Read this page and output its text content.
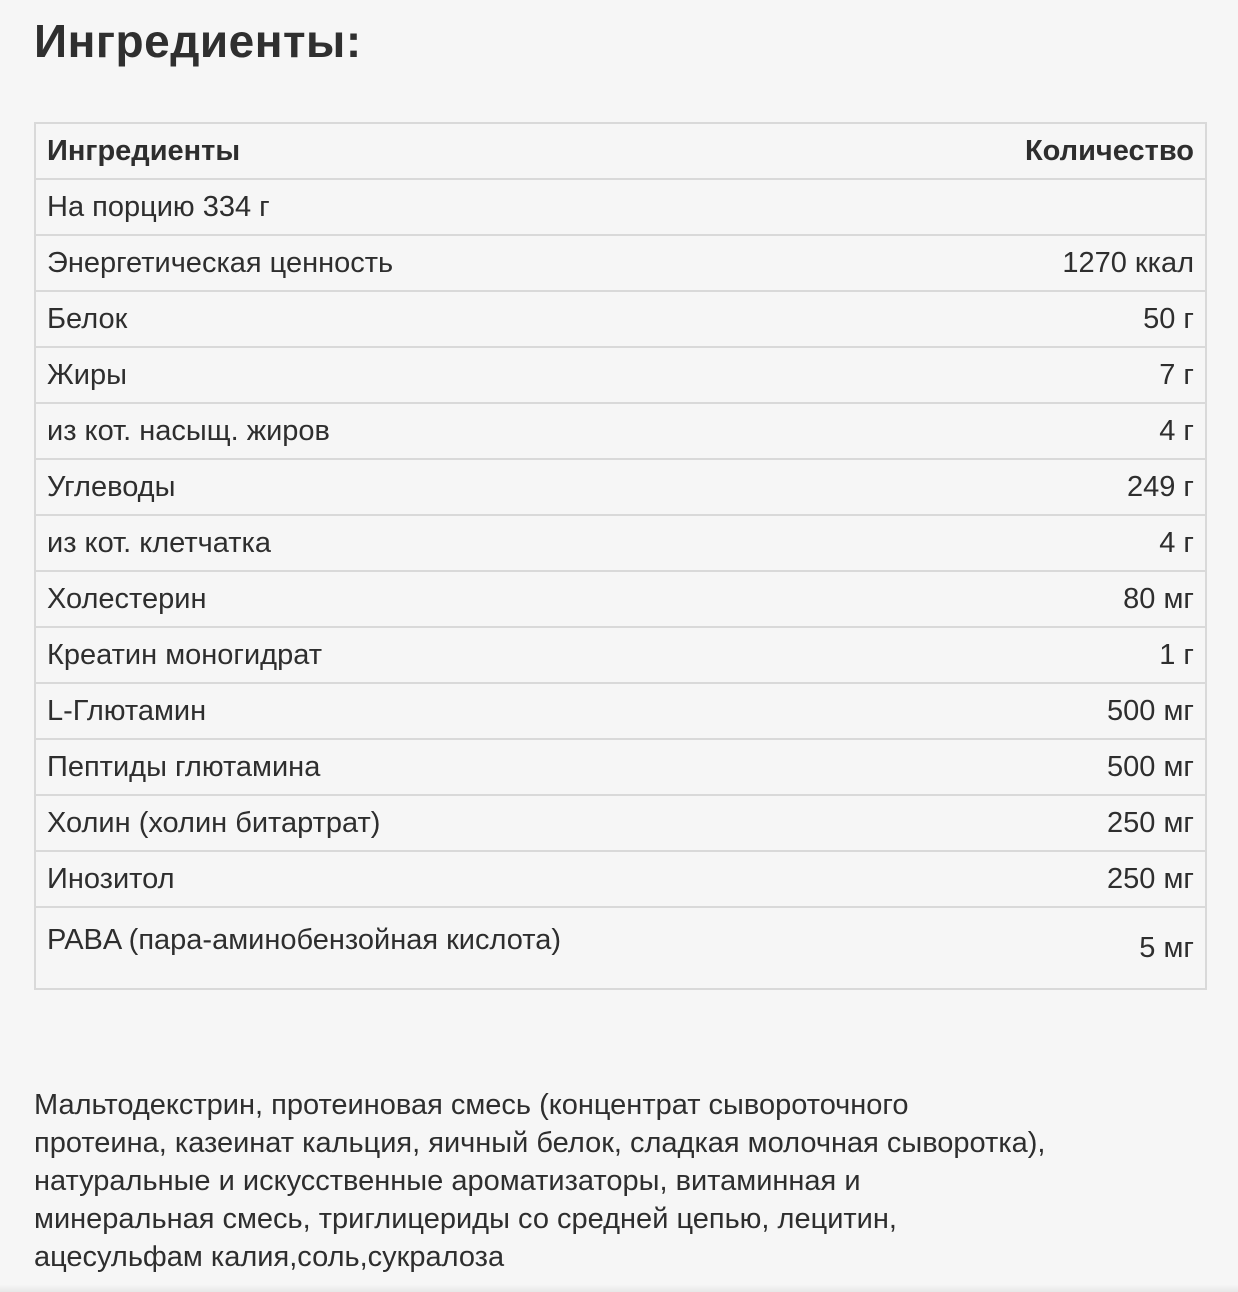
Ингредиенты:
Ингредиенты	Количество
На порцию 334 г	
Энергетическая ценность	1270 ккал
Белок	50 г
Жиры	7 г
из кот. насыщ. жиров	4 г
Углеводы	249 г
из кот. клетчатка	4 г
Холестерин	80 мг
Креатин моногидрат	1 г
L-Глютамин	500 мг
Пептиды глютамина	500 мг
Холин (холин битартрат)	250 мг
Инозитол	250 мг
PABA (пара-аминобензойная кислота)	5 мг

Мальтодекстрин, протеиновая смесь (концентрат сывороточного
протеина, казеинат кальция, яичный белок, сладкая молочная сыворотка),
натуральные и искусственные ароматизаторы, витаминная и
минеральная смесь, триглицериды со средней цепью, лецитин,
ацесульфам калия,соль,сукралоза
